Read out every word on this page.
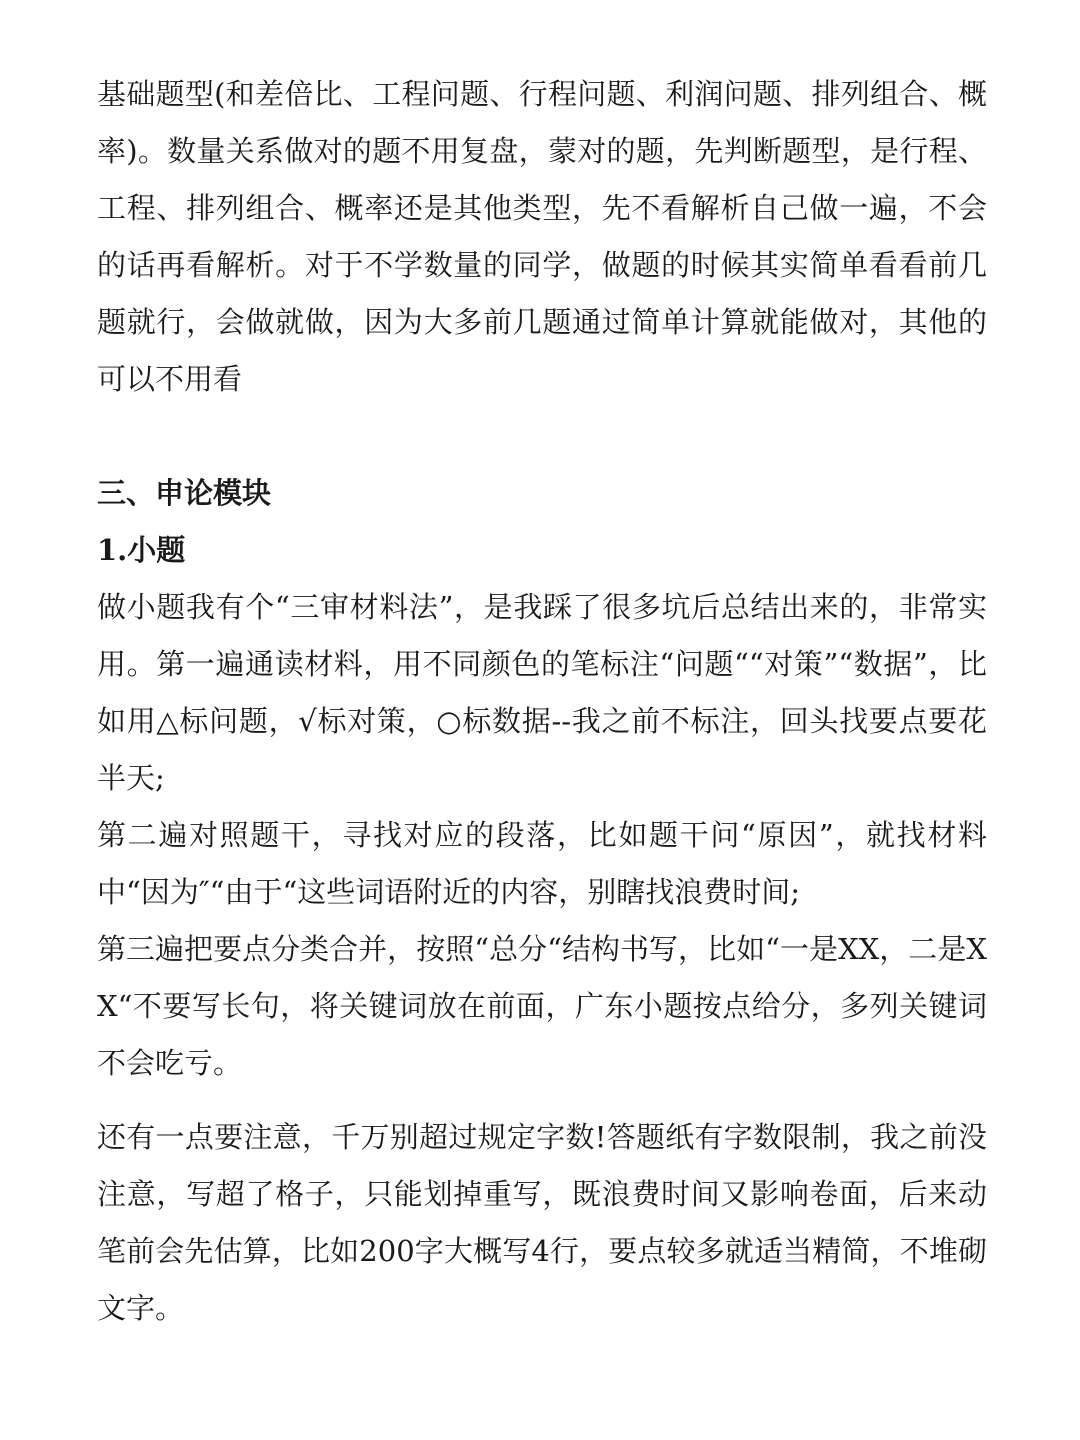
基础题型(和差倍比、工程问题、行程问题、利润问题、排列组合、概率)。数量关系做对的题不用复盘，蒙对的题，先判断题型，是行程、工程、排列组合、概率还是其他类型，先不看解析自己做一遍，不会的话再看解析。对于不学数量的同学，做题的时候其实简单看看前几题就行，会做就做，因为大多前几题通过简单计算就能做对，其他的可以不用看

三、申论模块

1.小题

做小题我有个“三审材料法”，是我踩了很多坑后总结出来的，非常实用。第一遍通读材料，用不同颜色的笔标注“问题““对策”“数据”，比如用△标问题，√标对策，○标数据--我之前不标注，回头找要点要花半天;

第二遍对照题干，寻找对应的段落，比如题干问“原因”，就找材料中“因为″“由于“这些词语附近的内容，别瞎找浪费时间;

第三遍把要点分类合并，按照“总分“结构书写，比如“一是XX，二是XX“不要写长句，将关键词放在前面，广东小题按点给分，多列关键词不会吃亏。

还有一点要注意，千万别超过规定字数!答题纸有字数限制，我之前没注意，写超了格子，只能划掉重写，既浪费时间又影响卷面，后来动笔前会先估算，比如200字大概写4行，要点较多就适当精简，不堆砌文字。
